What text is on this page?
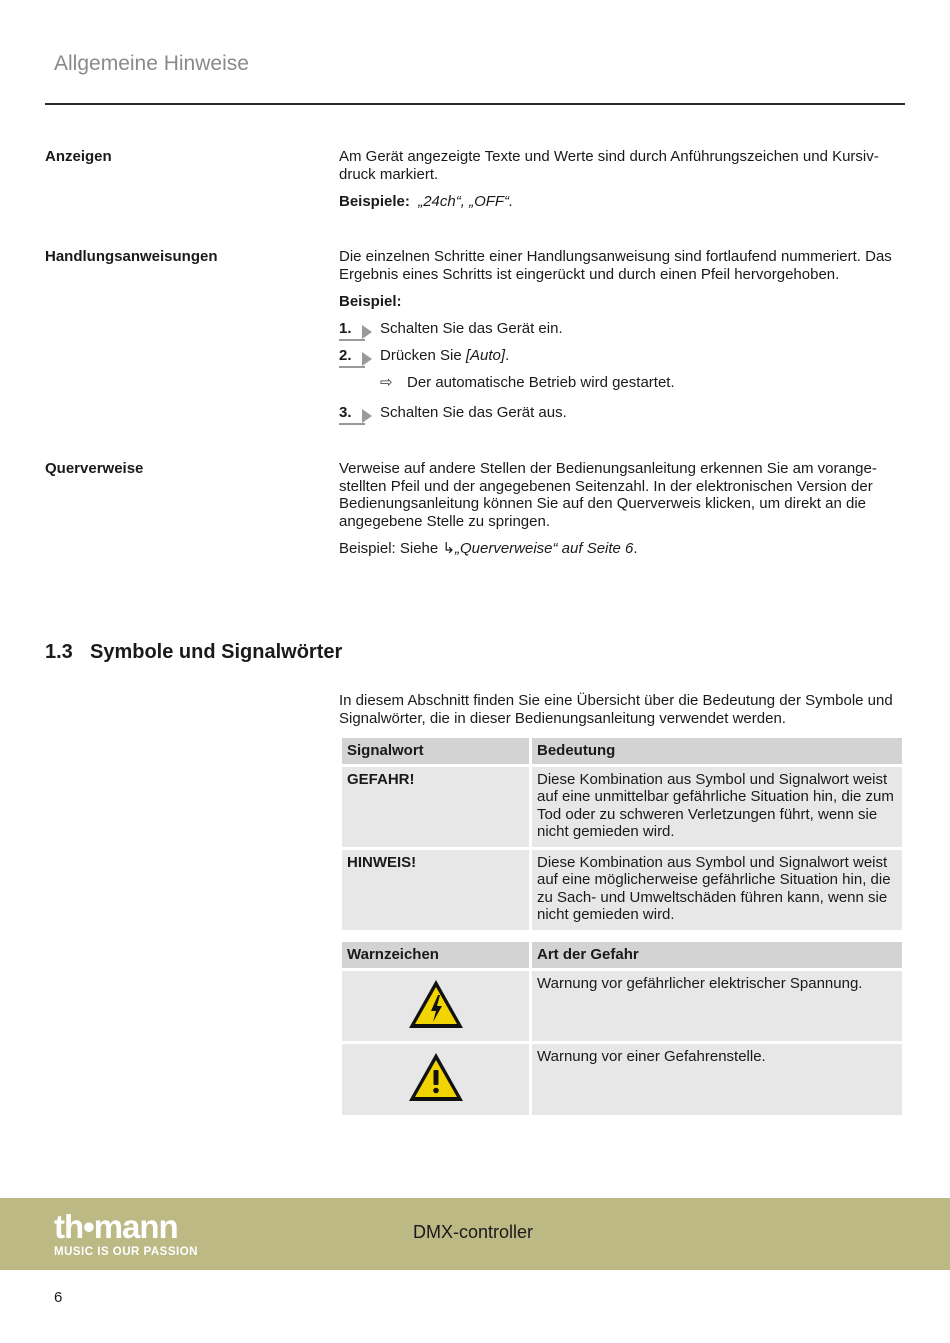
Allgemeine Hinweise
Anzeigen	Am Gerät angezeigte Texte und Werte sind durch Anführungszeichen und Kursivdruck markiert.

Beispiele: „24ch“, „OFF“.

Handlungsanweisungen	Die einzelnen Schritte einer Handlungsanweisung sind fortlaufend nummeriert. Das Ergebnis eines Schritts ist eingerückt und durch einen Pfeil hervorgehoben.

Beispiel:

1.	Schalten Sie das Gerät ein.
2.	Drücken Sie [Auto].
⇨ Der automatische Betrieb wird gestartet.
3.	Schalten Sie das Gerät aus.
Querverweise	Verweise auf andere Stellen der Bedienungsanleitung erkennen Sie am vorangestellten Pfeil und der angegebenen Seitenzahl. In der elektronischen Version der Bedienungsanleitung können Sie auf den Querverweis klicken, um direkt an die angegebene Stelle zu springen.

Beispiel: Siehe ↳„Querverweise“ auf Seite 6.

1.3 Symbole und Signalwörter
In diesem Abschnitt finden Sie eine Übersicht über die Bedeutung der Symbole und Signalwörter, die in dieser Bedienungsanleitung verwendet werden.
Signalwort	Bedeutung
GEFAHR!	Diese Kombination aus Symbol und Signalwort weist auf eine unmittelbar gefährliche Situation hin, die zum Tod oder zu schweren Verletzungen führt, wenn sie nicht gemieden wird.
HINWEIS!	Diese Kombination aus Symbol und Signalwort weist auf eine möglicherweise gefährliche Situation hin, die zu Sach- und Umweltschäden führen kann, wenn sie nicht gemieden wird.
Warnzeichen	Art der Gefahr
	Warnung vor gefährlicher elektrischer Spannung.
	Warnung vor einer Gefahrenstelle.
th•mann
MUSIC IS OUR PASSION
DMX-controller
6
